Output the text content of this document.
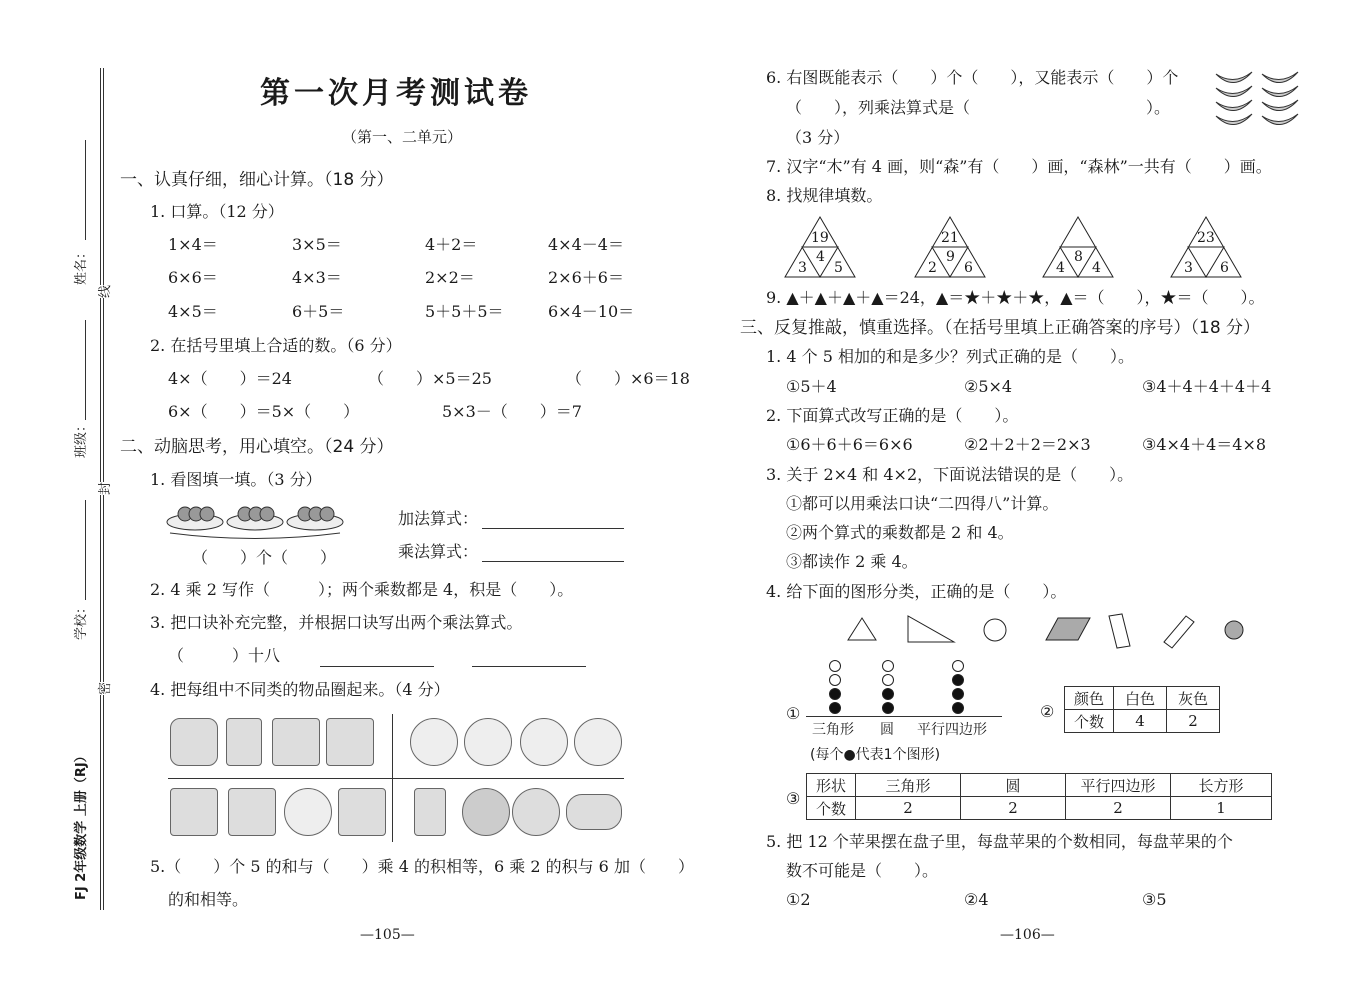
姓名：
班级：
学校：
线
封
密
FJ 2年级数学 上册（RJ）
第一次月考测试卷
（第一、二单元）
一、认真仔细，细心计算。（18 分）
1. 口算。（12 分）
1×4＝	3×5＝	4＋2＝	4×4－4＝
6×6＝	4×3＝	2×2＝	2×6＋6＝
4×5＝	6＋5＝	5＋5＋5＝	6×4－10＝
2. 在括号里填上合适的数。（6 分）
4×（　　）＝24	（　　）×5＝25	（　　）×6＝18
6×（　　）＝5×（　　）	5×3－（　　）＝7
二、动脑思考，用心填空。（24 分）
1. 看图填一填。（3 分）
（　　）个（　　）
加法算式：
乘法算式：
2. 4 乘 2 写作（　　　）；两个乘数都是 4，积是（　　）。
3. 把口诀补充完整，并根据口诀写出两个乘法算式。
（　　　）十八
4. 把每组中不同类的物品圈起来。（4 分）
5.（　　）个 5 的和与（　　）乘 4 的积相等，6 乘 2 的积与 6 加（　　）
的和相等。
—105—
6. 右图既能表示（　　）个（　　），又能表示（　　）个
（　　），列乘法算式是（　　　　　　　　　　　）。
（3 分）
7. 汉字“木”有 4 画，则“森”有（　　）画，“森林”一共有（　　）画。
8. 找规律填数。
19
4
3 5
21
9
2 6
8
4 4
23
3 6
9. ▲＋▲＋▲＋▲＝24，▲＝★＋★＋★，▲＝（　　），★＝（　　）。
三、反复推敲，慎重选择。（在括号里填上正确答案的序号）（18 分）
1. 4 个 5 相加的和是多少？列式正确的是（　　）。
①5＋4	②5×4	③4＋4＋4＋4＋4
2. 下面算式改写正确的是（　　）。
①6＋6＋6＝6×6	②2＋2＋2＝2×3	③4×4＋4＝4×8
3. 关于 2×4 和 4×2，下面说法错误的是（　　）。
①都可以用乘法口诀“二四得八”计算。
②两个算式的乘数都是 2 和 4。
③都读作 2 乘 4。
4. 给下面的图形分类，正确的是（　　）。
①
三角形 圆 平行四边形
(每个●代表1个图形)
②
颜色	白色	灰色
个数	4	2
③
形状	三角形	圆	平行四边形	长方形
个数	2	2	2	1
5. 把 12 个苹果摆在盘子里，每盘苹果的个数相同，每盘苹果的个
数不可能是（　　）。
①2	②4	③5
—106—
